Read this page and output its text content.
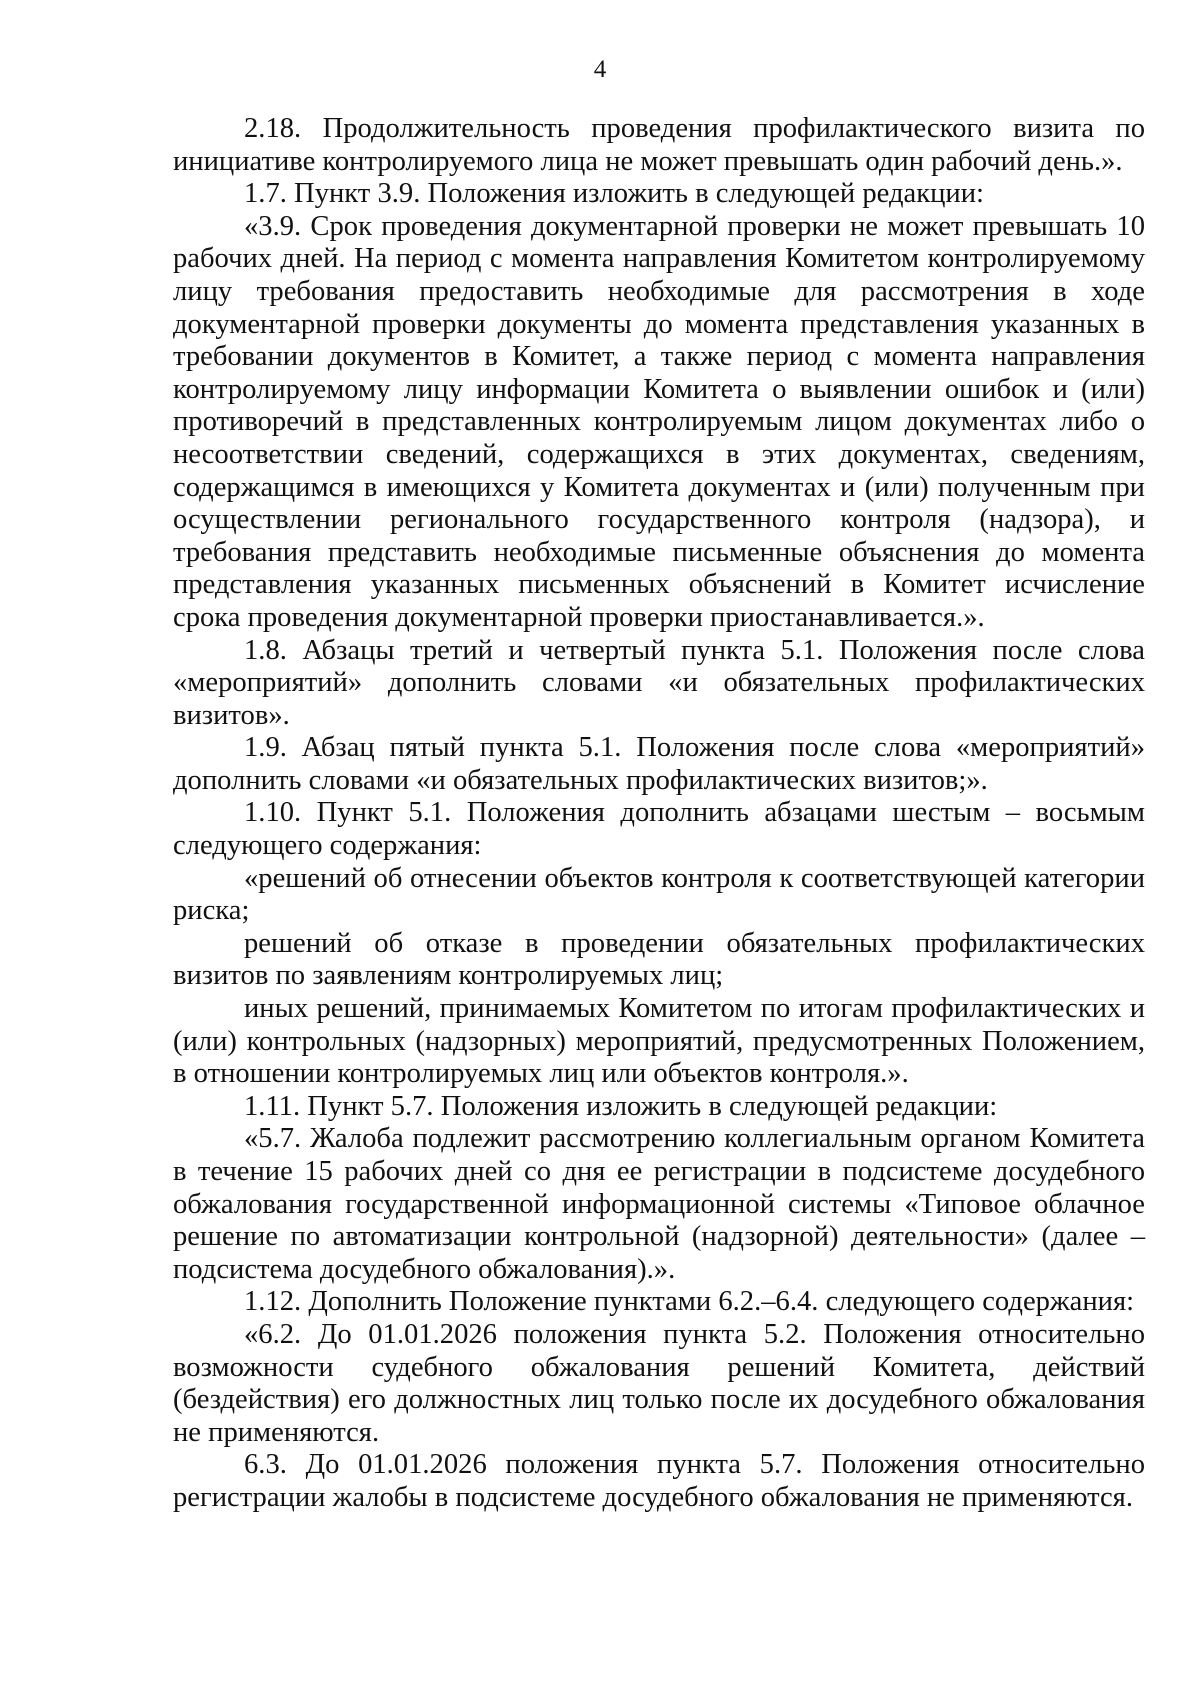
4

2.18. Продолжительность проведения профилактического визита по инициативе контролируемого лица не может превышать один рабочий день.».

1.7. Пункт 3.9. Положения изложить в следующей редакции:

«3.9. Срок проведения документарной проверки не может превышать 10 рабочих дней. На период с момента направления Комитетом контролируемому лицу требования предоставить необходимые для рассмотрения в ходе документарной проверки документы до момента представления указанных в требовании документов в Комитет, а также период с момента направления контролируемому лицу информации Комитета о выявлении ошибок и (или) противоречий в представленных контролируемым лицом документах либо о несоответствии сведений, содержащихся в этих документах, сведениям, содержащимся в имеющихся у Комитета документах и (или) полученным при осуществлении регионального государственного контроля (надзора), и требования представить необходимые письменные объяснения до момента представления указанных письменных объяснений в Комитет исчисление срока проведения документарной проверки приостанавливается.».

1.8. Абзацы третий и четвертый пункта 5.1. Положения после слова «мероприятий» дополнить словами «и обязательных профилактических визитов».

1.9. Абзац пятый пункта 5.1. Положения после слова «мероприятий» дополнить словами «и обязательных профилактических визитов;».

1.10. Пункт 5.1. Положения дополнить абзацами шестым – восьмым следующего содержания:

«решений об отнесении объектов контроля к соответствующей категории риска;

решений об отказе в проведении обязательных профилактических визитов по заявлениям контролируемых лиц;

иных решений, принимаемых Комитетом по итогам профилактических и (или) контрольных (надзорных) мероприятий, предусмотренных Положением, в отношении контролируемых лиц или объектов контроля.».

1.11. Пункт 5.7. Положения изложить в следующей редакции:

«5.7. Жалоба подлежит рассмотрению коллегиальным органом Комитета в течение 15 рабочих дней со дня ее регистрации в подсистеме досудебного обжалования государственной информационной системы «Типовое облачное решение по автоматизации контрольной (надзорной) деятельности» (далее – подсистема досудебного обжалования).».

1.12. Дополнить Положение пунктами 6.2.–6.4. следующего содержания:

«6.2. До 01.01.2026 положения пункта 5.2. Положения относительно возможности судебного обжалования решений Комитета, действий (бездействия) его должностных лиц только после их досудебного обжалования не применяются.

6.3. До 01.01.2026 положения пункта 5.7. Положения относительно регистрации жалобы в подсистеме досудебного обжалования не применяются.
